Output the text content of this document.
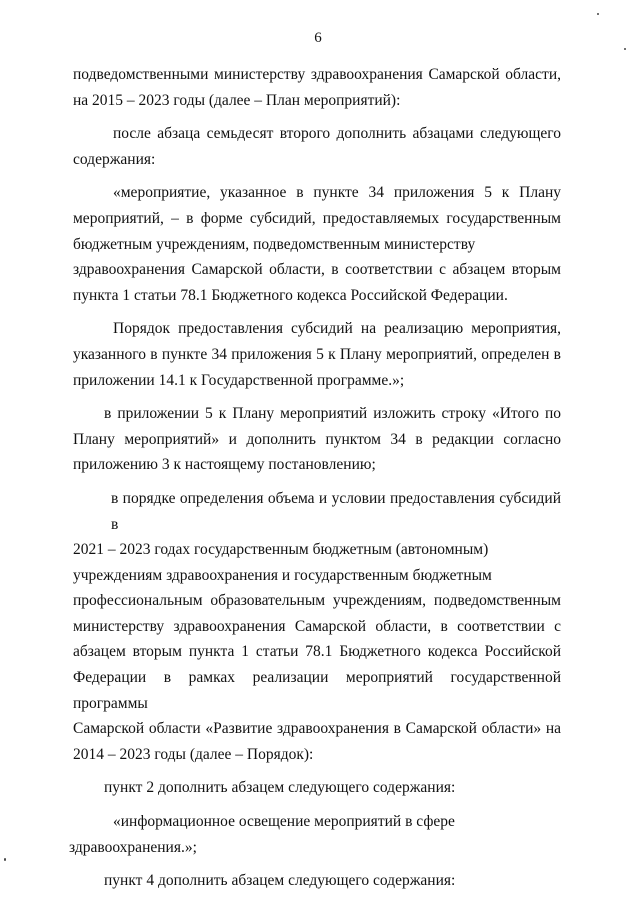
6

подведомственными министерству здравоохранения Самарской области,
на 2015 – 2023 годы (далее – План мероприятий):

после абзаца семьдесят второго дополнить абзацами следующего
содержания:

«мероприятие, указанное в пункте 34 приложения 5 к Плану
мероприятий, – в форме субсидий, предоставляемых государственным
бюджетным учреждениям, подведомственным министерству
здравоохранения Самарской области, в соответствии с абзацем вторым
пункта 1 статьи 78.1 Бюджетного кодекса Российской Федерации.

Порядок предоставления субсидий на реализацию мероприятия,
указанного в пункте 34 приложения 5 к Плану мероприятий, определен в
приложении 14.1 к Государственной программе.»;

в приложении 5 к Плану мероприятий изложить строку «Итого по
Плану мероприятий» и дополнить пунктом 34 в редакции согласно
приложению 3 к настоящему постановлению;

в порядке определения объема и условии предоставления субсидий в
2021 – 2023 годах государственным бюджетным (автономным)
учреждениям здравоохранения и государственным бюджетным
профессиональным образовательным учреждениям, подведомственным
министерству здравоохранения Самарской области, в соответствии с
абзацем вторым пункта 1 статьи 78.1 Бюджетного кодекса Российской
Федерации в рамках реализации мероприятий государственной программы
Самарской области «Развитие здравоохранения в Самарской области» на
2014 – 2023 годы (далее – Порядок):

пункт 2 дополнить абзацем следующего содержания:

«информационное освещение мероприятий в сфере
здравоохранения.»;

пункт 4 дополнить абзацем следующего содержания:
